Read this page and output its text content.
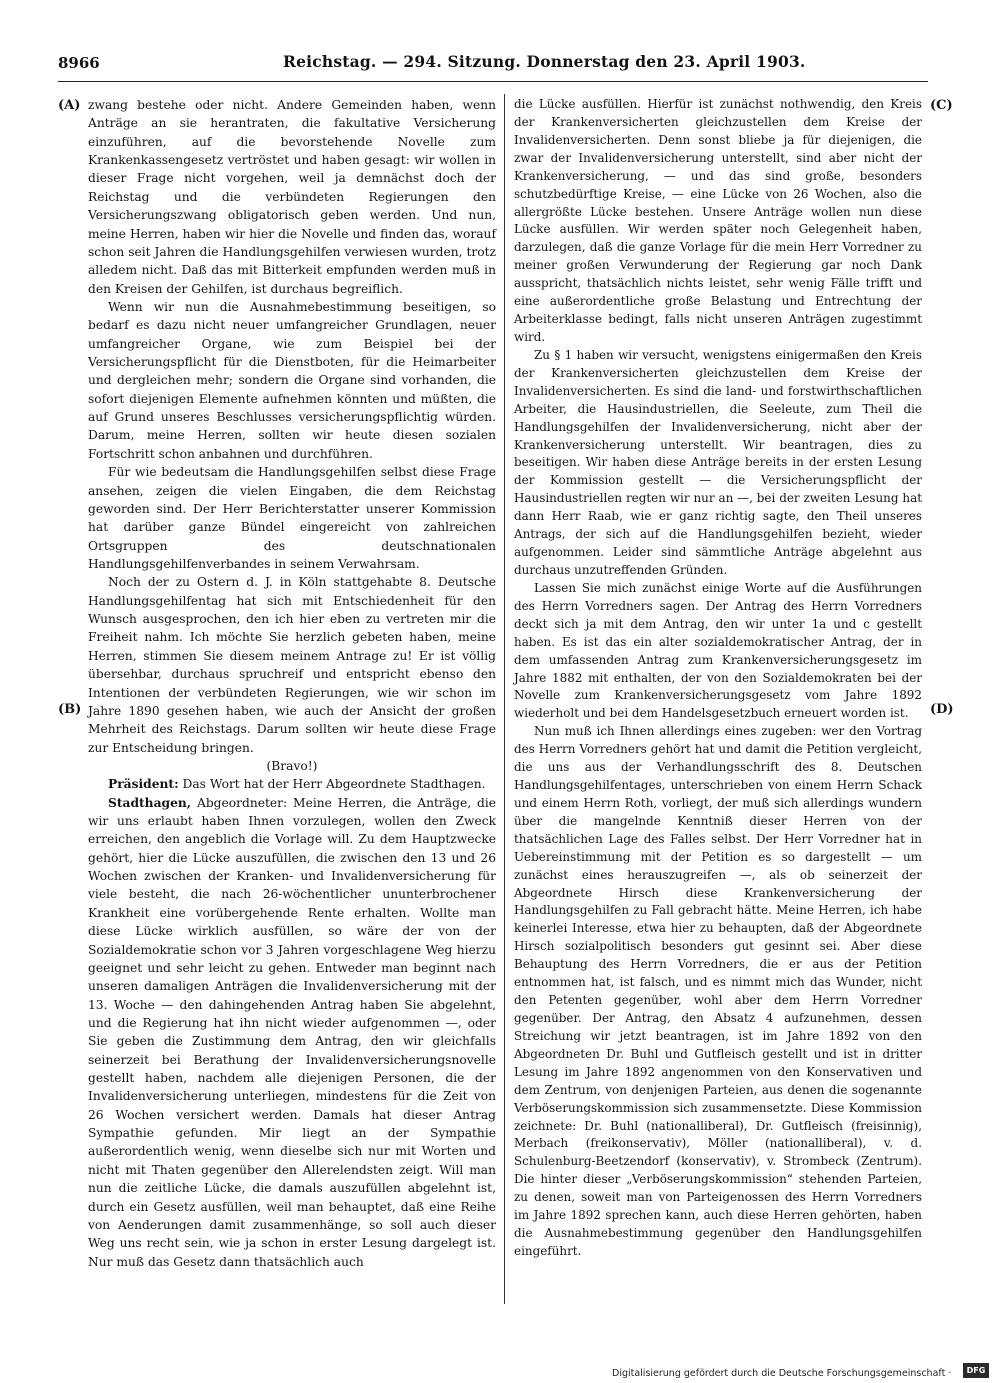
8966	Reichstag. — 294. Sitzung. Donnerstag den 23. April 1903.
(A)
(B)
(C)
(D)

zwang bestehe oder nicht. Andere Gemeinden haben, wenn Anträge an sie herantraten, die fakultative Versicherung einzuführen, auf die bevorstehende Novelle zum Krankenkassengesetz vertröstet und haben gesagt: wir wollen in dieser Frage nicht vorgehen, weil ja demnächst doch der Reichstag und die verbündeten Regierungen den Versicherungszwang obligatorisch geben werden. Und nun, meine Herren, haben wir hier die Novelle und finden das, worauf schon seit Jahren die Handlungsgehilfen verwiesen wurden, trotz alledem nicht. Daß das mit Bitterkeit empfunden werden muß in den Kreisen der Gehilfen, ist durchaus begreiflich.

Wenn wir nun die Ausnahmebestimmung beseitigen, so bedarf es dazu nicht neuer umfangreicher Grundlagen, neuer umfangreicher Organe, wie zum Beispiel bei der Versicherungspflicht für die Dienstboten, für die Heimarbeiter und dergleichen mehr; sondern die Organe sind vorhanden, die sofort diejenigen Elemente aufnehmen könnten und müßten, die auf Grund unseres Beschlusses versicherungspflichtig würden. Darum, meine Herren, sollten wir heute diesen sozialen Fortschritt schon anbahnen und durchführen.

Für wie bedeutsam die Handlungsgehilfen selbst diese Frage ansehen, zeigen die vielen Eingaben, die dem Reichstag geworden sind. Der Herr Berichterstatter unserer Kommission hat darüber ganze Bündel eingereicht von zahlreichen Ortsgruppen des deutschnationalen Handlungsgehilfenverbandes in seinem Verwahrsam.

Noch der zu Ostern d. J. in Köln stattgehabte 8. Deutsche Handlungsgehilfentag hat sich mit Entschiedenheit für den Wunsch ausgesprochen, den ich hier eben zu vertreten mir die Freiheit nahm. Ich möchte Sie herzlich gebeten haben, meine Herren, stimmen Sie diesem meinem Antrage zu! Er ist völlig übersehbar, durchaus spruchreif und entspricht ebenso den Intentionen der verbündeten Regierungen, wie wir schon im Jahre 1890 gesehen haben, wie auch der Ansicht der großen Mehrheit des Reichstags. Darum sollten wir heute diese Frage zur Entscheidung bringen.

(Bravo!)

Präsident: Das Wort hat der Herr Abgeordnete Stadthagen.

Stadthagen, Abgeordneter: Meine Herren, die Anträge, die wir uns erlaubt haben Ihnen vorzulegen, wollen den Zweck erreichen, den angeblich die Vorlage will. Zu dem Hauptzwecke gehört, hier die Lücke auszufüllen, die zwischen den 13 und 26 Wochen zwischen der Kranken- und Invalidenversicherung für viele besteht, die nach 26-wöchentlicher ununterbrochener Krankheit eine vorübergehende Rente erhalten. Wollte man diese Lücke wirklich ausfüllen, so wäre der von der Sozialdemokratie schon vor 3 Jahren vorgeschlagene Weg hierzu geeignet und sehr leicht zu gehen. Entweder man beginnt nach unseren damaligen Anträgen die Invalidenversicherung mit der 13. Woche — den dahingehenden Antrag haben Sie abgelehnt, und die Regierung hat ihn nicht wieder aufgenommen —, oder Sie geben die Zustimmung dem Antrag, den wir gleichfalls seinerzeit bei Berathung der Invalidenversicherungsnovelle gestellt haben, nachdem alle diejenigen Personen, die der Invalidenversicherung unterliegen, mindestens für die Zeit von 26 Wochen versichert werden. Damals hat dieser Antrag Sympathie gefunden. Mir liegt an der Sympathie außerordentlich wenig, wenn dieselbe sich nur mit Worten und nicht mit Thaten gegenüber den Allerelendsten zeigt. Will man nun die zeitliche Lücke, die damals auszufüllen abgelehnt ist, durch ein Gesetz ausfüllen, weil man behauptet, daß eine Reihe von Aenderungen damit zusammenhänge, so soll auch dieser Weg uns recht sein, wie ja schon in erster Lesung dargelegt ist. Nur muß das Gesetz dann thatsächlich auch

die Lücke ausfüllen. Hierfür ist zunächst nothwendig, den Kreis der Krankenversicherten gleichzustellen dem Kreise der Invalidenversicherten. Denn sonst bliebe ja für diejenigen, die zwar der Invalidenversicherung unterstellt, sind aber nicht der Krankenversicherung, — und das sind große, besonders schutzbedürftige Kreise, — eine Lücke von 26 Wochen, also die allergrößte Lücke bestehen. Unsere Anträge wollen nun diese Lücke ausfüllen. Wir werden später noch Gelegenheit haben, darzulegen, daß die ganze Vorlage für die mein Herr Vorredner zu meiner großen Verwunderung der Regierung gar noch Dank ausspricht, thatsächlich nichts leistet, sehr wenig Fälle trifft und eine außerordentliche große Belastung und Entrechtung der Arbeiterklasse bedingt, falls nicht unseren Anträgen zugestimmt wird.

Zu § 1 haben wir versucht, wenigstens einigermaßen den Kreis der Krankenversicherten gleichzustellen dem Kreise der Invalidenversicherten. Es sind die land- und forstwirthschaftlichen Arbeiter, die Hausindustriellen, die Seeleute, zum Theil die Handlungsgehilfen der Invalidenversicherung, nicht aber der Krankenversicherung unterstellt. Wir beantragen, dies zu beseitigen. Wir haben diese Anträge bereits in der ersten Lesung der Kommission gestellt — die Versicherungspflicht der Hausindustriellen regten wir nur an —, bei der zweiten Lesung hat dann Herr Raab, wie er ganz richtig sagte, den Theil unseres Antrags, der sich auf die Handlungsgehilfen bezieht, wieder aufgenommen. Leider sind sämmtliche Anträge abgelehnt aus durchaus unzutreffenden Gründen.

Lassen Sie mich zunächst einige Worte auf die Ausführungen des Herrn Vorredners sagen. Der Antrag des Herrn Vorredners deckt sich ja mit dem Antrag, den wir unter 1a und c gestellt haben. Es ist das ein alter sozialdemokratischer Antrag, der in dem umfassenden Antrag zum Krankenversicherungsgesetz im Jahre 1882 mit enthalten, der von den Sozialdemokraten bei der Novelle zum Krankenversicherungsgesetz vom Jahre 1892 wiederholt und bei dem Handelsgesetzbuch erneuert worden ist.

Nun muß ich Ihnen allerdings eines zugeben: wer den Vortrag des Herrn Vorredners gehört hat und damit die Petition vergleicht, die uns aus der Verhandlungsschrift des 8. Deutschen Handlungsgehilfentages, unterschrieben von einem Herrn Schack und einem Herrn Roth, vorliegt, der muß sich allerdings wundern über die mangelnde Kenntniß dieser Herren von der thatsächlichen Lage des Falles selbst. Der Herr Vorredner hat in Uebereinstimmung mit der Petition es so dargestellt — um zunächst eines herauszugreifen —, als ob seinerzeit der Abgeordnete Hirsch diese Krankenversicherung der Handlungsgehilfen zu Fall gebracht hätte. Meine Herren, ich habe keinerlei Interesse, etwa hier zu behaupten, daß der Abgeordnete Hirsch sozialpolitisch besonders gut gesinnt sei. Aber diese Behauptung des Herrn Vorredners, die er aus der Petition entnommen hat, ist falsch, und es nimmt mich das Wunder, nicht den Petenten gegenüber, wohl aber dem Herrn Vorredner gegenüber. Der Antrag, den Absatz 4 aufzunehmen, dessen Streichung wir jetzt beantragen, ist im Jahre 1892 von den Abgeordneten Dr. Buhl und Gutfleisch gestellt und ist in dritter Lesung im Jahre 1892 angenommen von den Konservativen und dem Zentrum, von denjenigen Parteien, aus denen die sogenannte Verböserungskommission sich zusammensetzte. Diese Kommission zeichnete: Dr. Buhl (nationalliberal), Dr. Gutfleisch (freisinnig), Merbach (freikonservativ), Möller (nationalliberal), v. d. Schulenburg-Beetzendorf (konservativ), v. Strombeck (Zentrum). Die hinter dieser „Verböserungskommission“ stehenden Parteien, zu denen, soweit man von Parteigenossen des Herrn Vorredners im Jahre 1892 sprechen kann, auch diese Herren gehörten, haben die Ausnahmebestimmung gegenüber den Handlungsgehilfen eingeführt.

Digitalisierung gefördert durch die Deutsche Forschungsgemeinschaft ·	DFG
